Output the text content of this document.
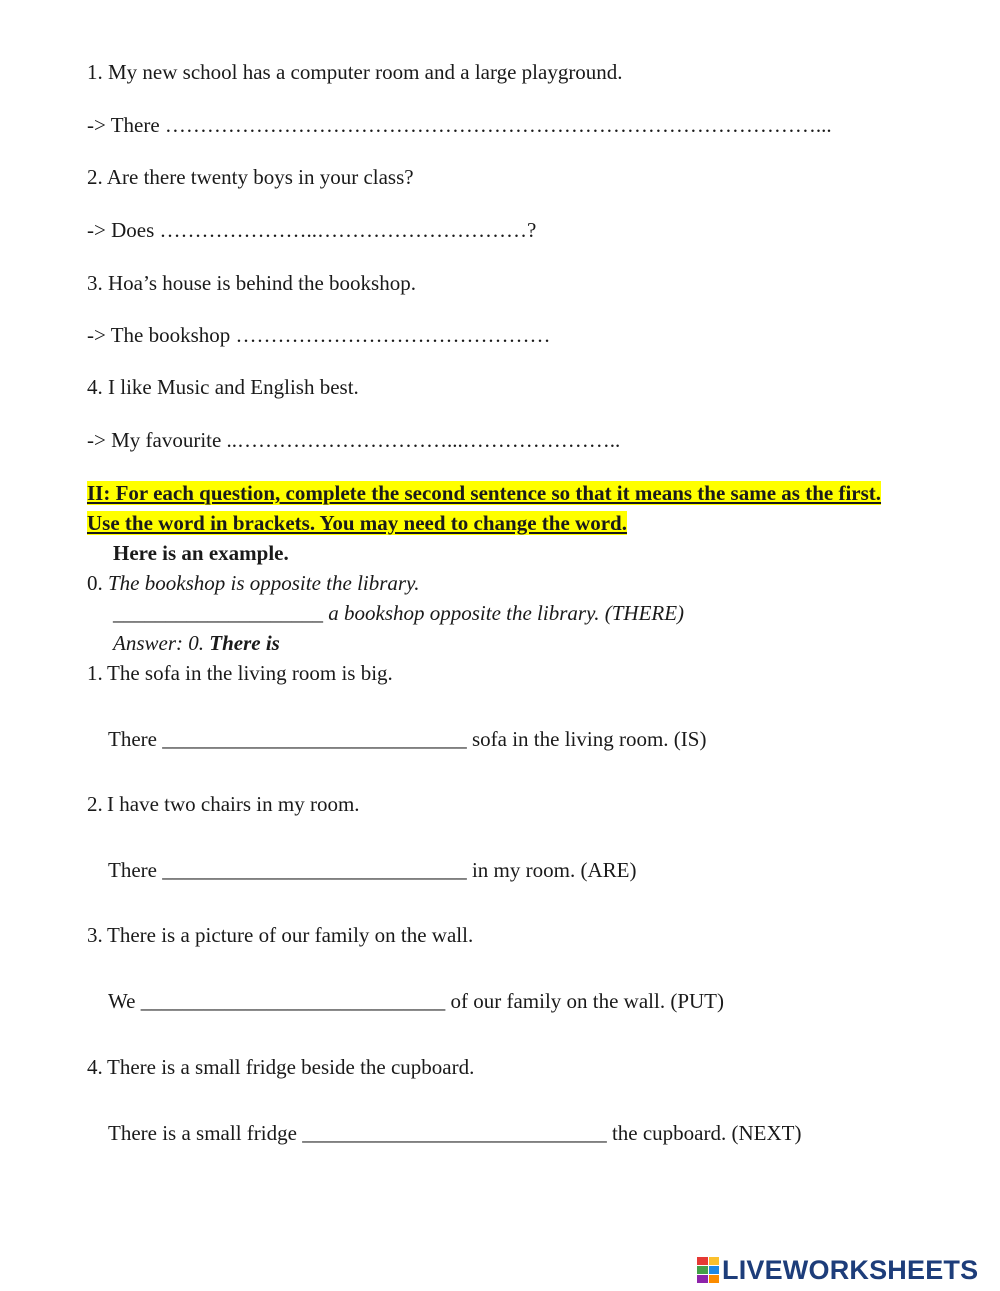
1. My new school has a computer room and a large playground.
-> There …………………………………………………………………………………...
2. Are there twenty boys in your class?
-> Does …………………..…………………………?
3. Hoa’s house is behind the bookshop.
-> The bookshop ………………………………………
4. I like Music and English best.
-> My favourite ..…………………………...…………………..
II: For each question, complete the second sentence so that it means the same as the first.
Use the word in brackets. You may need to change the word.
Here is an example.
0. The bookshop is opposite the library.
____________________ a bookshop opposite the library. (THERE)
Answer: 0. There is
1. The sofa in the living room is big.
There _____________________________ sofa in the living room. (IS)
2. I have two chairs in my room.
There _____________________________ in my room. (ARE)
3. There is a picture of our family on the wall.
We _____________________________ of our family on the wall. (PUT)
4. There is a small fridge beside the cupboard.
There is a small fridge _____________________________ the cupboard. (NEXT)
LIVEWORKSHEETS
